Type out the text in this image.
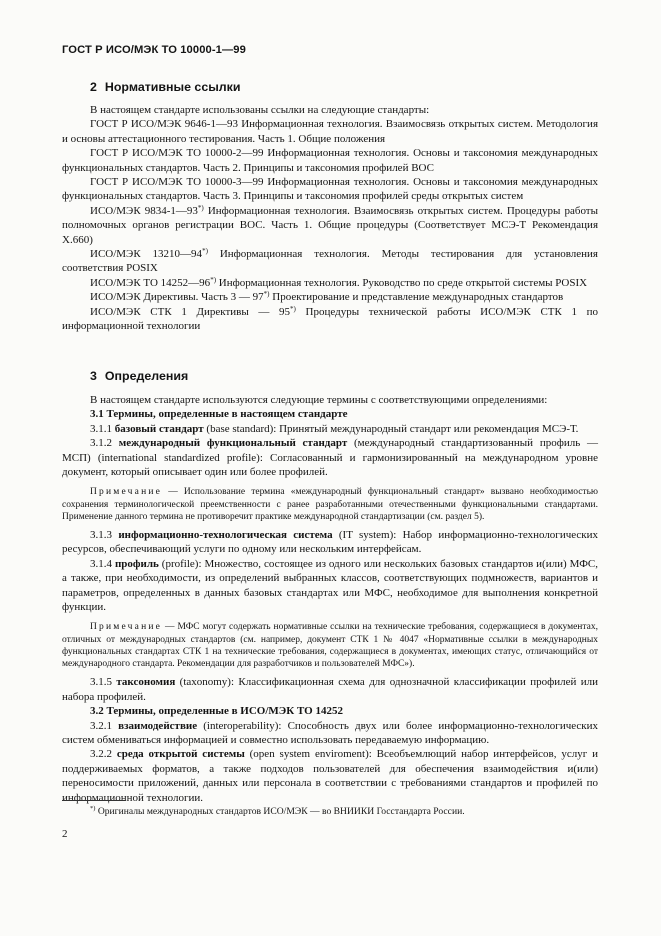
ГОСТ Р ИСО/МЭК ТО 10000-1—99
2 Нормативные ссылки

В настоящем стандарте использованы ссылки на следующие стандарты:

ГОСТ Р ИСО/МЭК 9646-1—93 Информационная технология. Взаимосвязь открытых систем. Методология и основы аттестационного тестирования. Часть 1. Общие положения

ГОСТ Р ИСО/МЭК ТО 10000-2—99 Информационная технология. Основы и таксономия международных функциональных стандартов. Часть 2. Принципы и таксономия профилей ВОС

ГОСТ Р ИСО/МЭК ТО 10000-3—99 Информационная технология. Основы и таксономия международных функциональных стандартов. Часть 3. Принципы и таксономия профилей среды открытых систем

ИСО/МЭК 9834-1—93*) Информационная технология. Взаимосвязь открытых систем. Процедуры работы полномочных органов регистрации ВОС. Часть 1. Общие процедуры (Соответствует МСЭ-Т Рекомендация X.660)

ИСО/МЭК 13210—94*) Информационная технология. Методы тестирования для установления соответствия POSIX

ИСО/МЭК ТО 14252—96*) Информационная технология. Руководство по среде открытой системы POSIX

ИСО/МЭК Директивы. Часть 3 — 97*) Проектирование и представление международных стандартов

ИСО/МЭК СТК 1 Директивы — 95*) Процедуры технической работы ИСО/МЭК СТК 1 по информационной технологии

3 Определения

В настоящем стандарте используются следующие термины с соответствующими определениями:

3.1 Термины, определенные в настоящем стандарте

3.1.1 базовый стандарт (base standard): Принятый международный стандарт или рекомендация МСЭ-Т.

3.1.2 международный функциональный стандарт (международный стандартизованный профиль — МСП) (international standardized profile): Согласованный и гармонизированный на международном уровне документ, который описывает один или более профилей.

Примечание — Использование термина «международный функциональный стандарт» вызвано необходимостью сохранения терминологической преемственности с ранее разработанными отечественными функциональными стандартами. Применение данного термина не противоречит практике международной стандартизации (см. раздел 5).

3.1.3 информационно-технологическая система (IT system): Набор информационно-технологических ресурсов, обеспечивающий услуги по одному или нескольким интерфейсам.

3.1.4 профиль (profile): Множество, состоящее из одного или нескольких базовых стандартов и(или) МФС, а также, при необходимости, из определений выбранных классов, соответствующих подмножеств, вариантов и параметров, определенных в данных базовых стандартах или МФС, необходимое для выполнения конкретной функции.

Примечание — МФС могут содержать нормативные ссылки на технические требования, содержащиеся в документах, отличных от международных стандартов (см. например, документ СТК 1 № 4047 «Нормативные ссылки в международных функциональных стандартах СТК 1 на технические требования, содержащиеся в документах, имеющих статус, отличающийся от международного стандарта. Рекомендации для разработчиков и пользователей МФС»).

3.1.5 таксономия (taxonomy): Классификационная схема для однозначной классификации профилей или набора профилей.

3.2 Термины, определенные в ИСО/МЭК ТО 14252

3.2.1 взаимодействие (interoperability): Способность двух или более информационно-технологических систем обмениваться информацией и совместно использовать передаваемую информацию.

3.2.2 среда открытой системы (open system enviroment): Всеобъемлющий набор интерфейсов, услуг и поддерживаемых форматов, а также подходов пользователей для обеспечения взаимодействия и(или) переносимости приложений, данных или персонала в соответствии с требованиями стандартов и профилей по информационной технологии.

*) Оригиналы международных стандартов ИСО/МЭК — во ВНИИКИ Госстандарта России.
2
